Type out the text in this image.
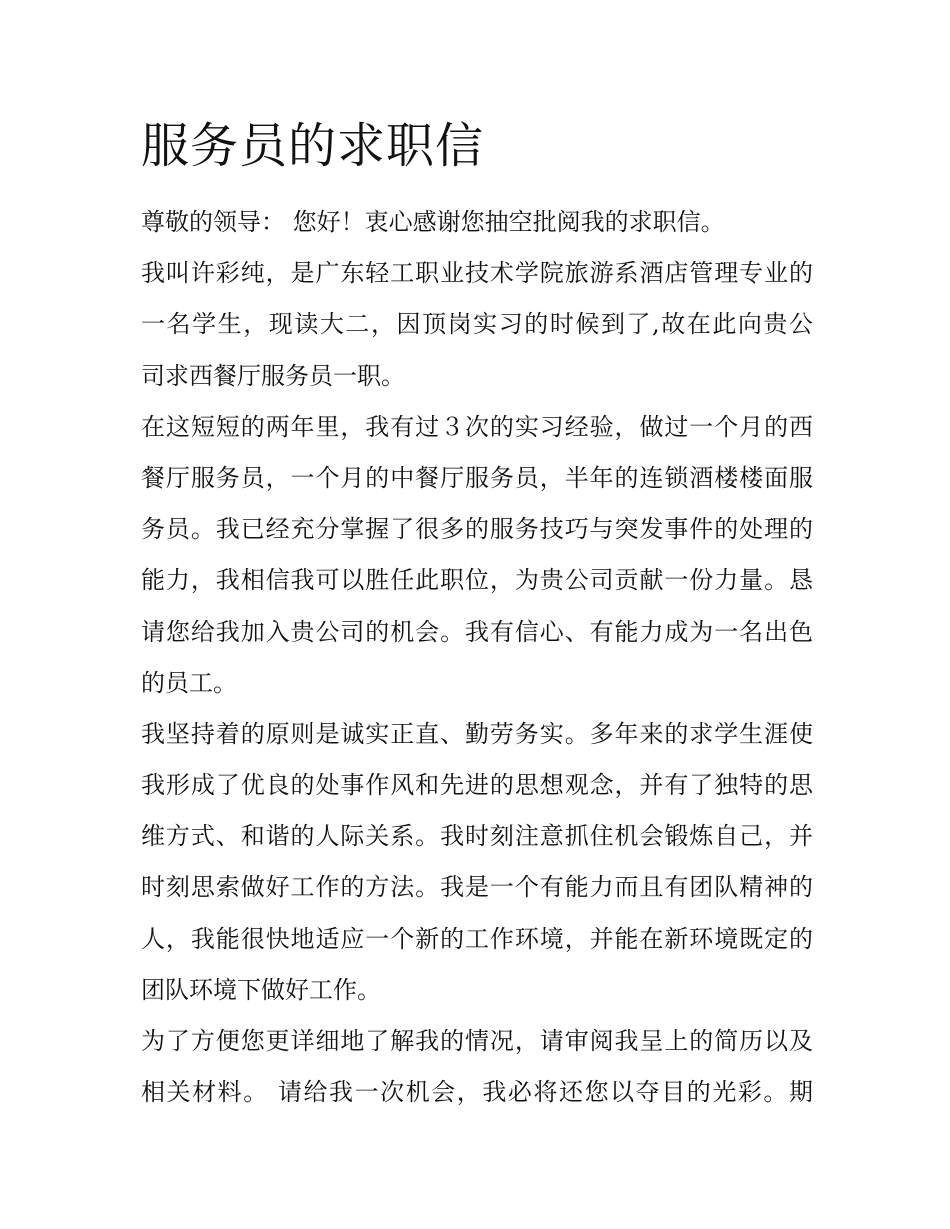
服务员的求职信
尊敬的领导： 您好！衷心感谢您抽空批阅我的求职信。
我叫许彩纯，是广东轻工职业技术学院旅游系酒店管理专业的
一名学生，现读大二，因顶岗实习的时候到了,故在此向贵公
司求西餐厅服务员一职。
在这短短的两年里，我有过３次的实习经验，做过一个月的西
餐厅服务员，一个月的中餐厅服务员，半年的连锁酒楼楼面服
务员。我已经充分掌握了很多的服务技巧与突发事件的处理的
能力，我相信我可以胜任此职位，为贵公司贡献一份力量。恳
请您给我加入贵公司的机会。我有信心、有能力成为一名出色
的员工。
我坚持着的原则是诚实正直、勤劳务实。多年来的求学生涯使
我形成了优良的处事作风和先进的思想观念，并有了独特的思
维方式、和谐的人际关系。我时刻注意抓住机会锻炼自己，并
时刻思索做好工作的方法。我是一个有能力而且有团队精神的
人，我能很快地适应一个新的工作环境，并能在新环境既定的
团队环境下做好工作。
为了方便您更详细地了解我的情况，请审阅我呈上的简历以及
相关材料。 请给我一次机会，我必将还您以夺目的光彩。期
